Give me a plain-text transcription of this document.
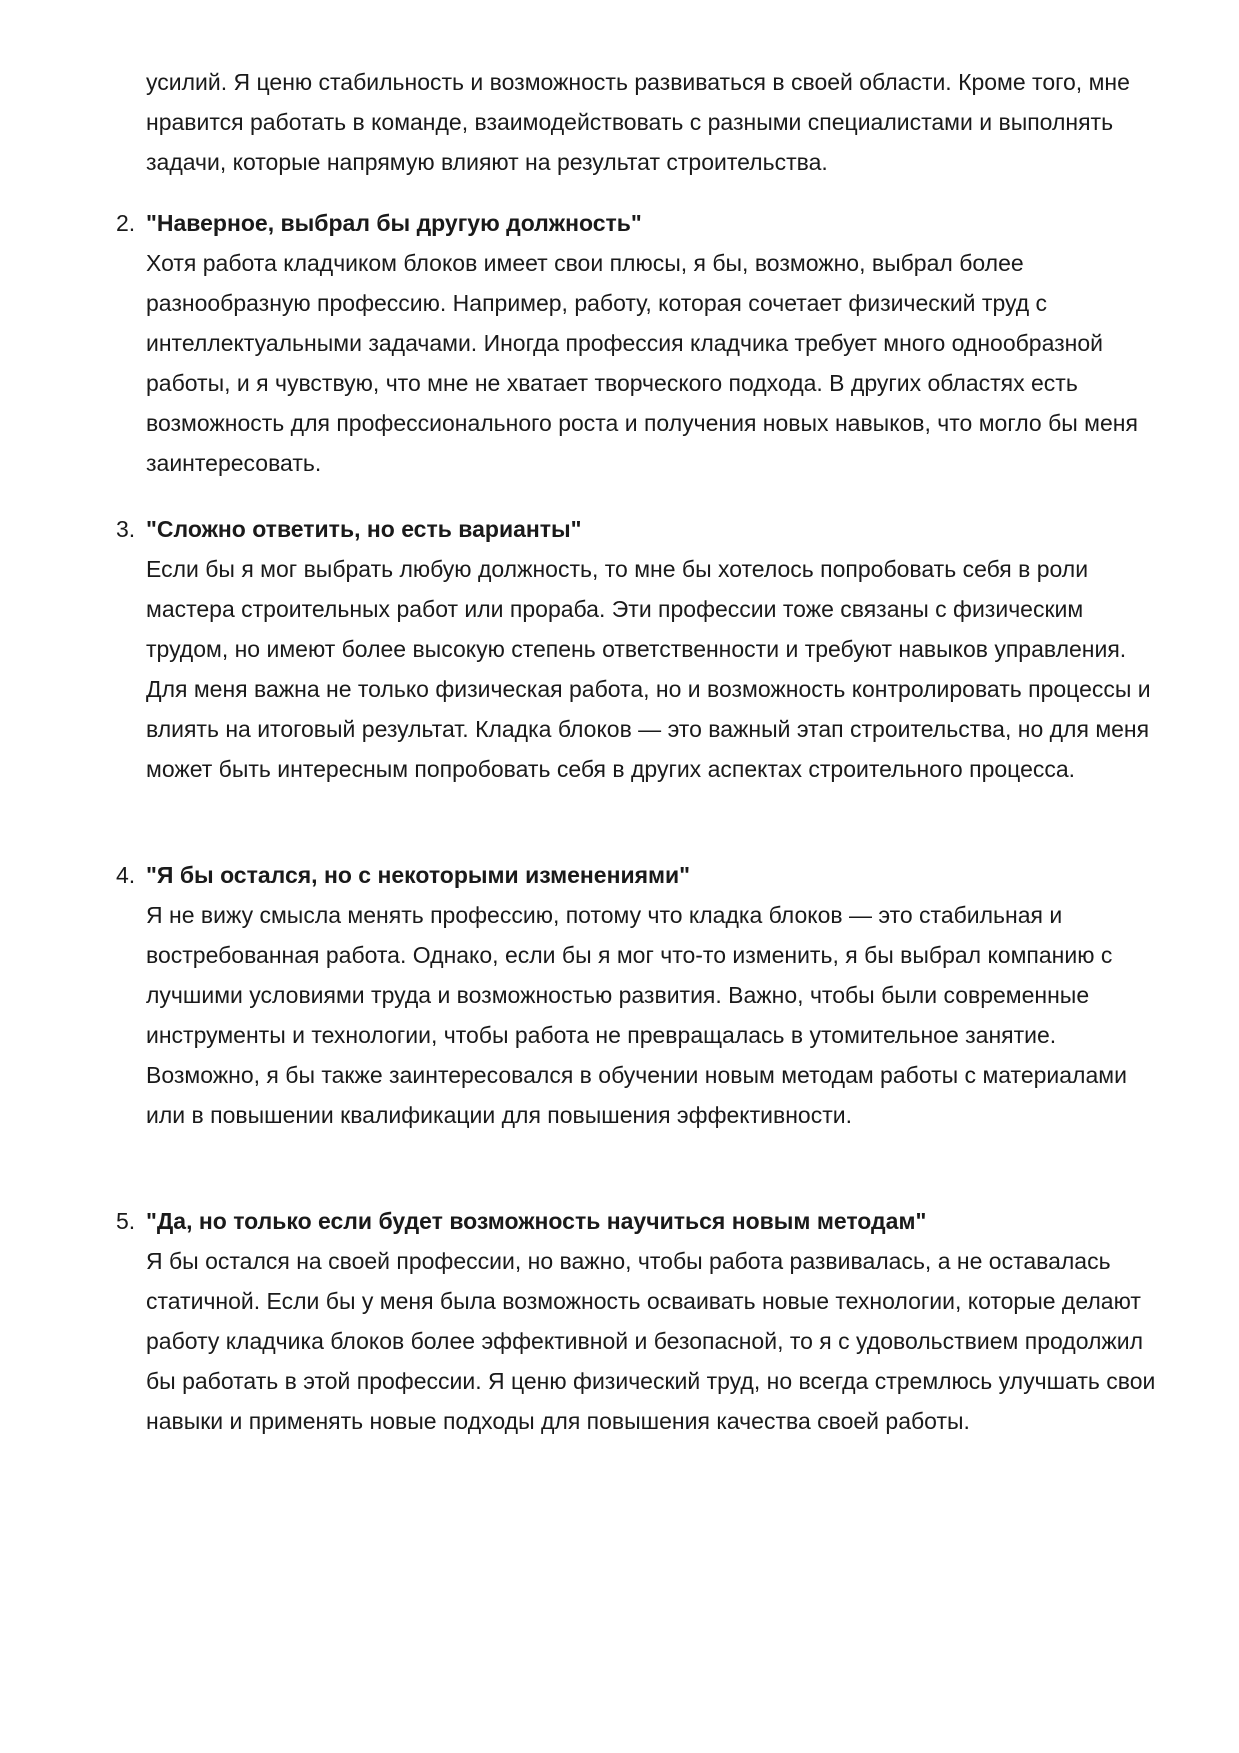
усилий. Я ценю стабильность и возможность развиваться в своей области. Кроме того, мне нравится работать в команде, взаимодействовать с разными специалистами и выполнять задачи, которые напрямую влияют на результат строительства.

2. "Наверное, выбрал бы другую должность"

Хотя работа кладчиком блоков имеет свои плюсы, я бы, возможно, выбрал более разнообразную профессию. Например, работу, которая сочетает физический труд с интеллектуальными задачами. Иногда профессия кладчика требует много однообразной работы, и я чувствую, что мне не хватает творческого подхода. В других областях есть возможность для профессионального роста и получения новых навыков, что могло бы меня заинтересовать.

3. "Сложно ответить, но есть варианты"

Если бы я мог выбрать любую должность, то мне бы хотелось попробовать себя в роли мастера строительных работ или прораба. Эти профессии тоже связаны с физическим трудом, но имеют более высокую степень ответственности и требуют навыков управления. Для меня важна не только физическая работа, но и возможность контролировать процессы и влиять на итоговый результат. Кладка блоков — это важный этап строительства, но для меня может быть интересным попробовать себя в других аспектах строительного процесса.

4. "Я бы остался, но с некоторыми изменениями"

Я не вижу смысла менять профессию, потому что кладка блоков — это стабильная и востребованная работа. Однако, если бы я мог что-то изменить, я бы выбрал компанию с лучшими условиями труда и возможностью развития. Важно, чтобы были современные инструменты и технологии, чтобы работа не превращалась в утомительное занятие. Возможно, я бы также заинтересовался в обучении новым методам работы с материалами или в повышении квалификации для повышения эффективности.

5. "Да, но только если будет возможность научиться новым методам"

Я бы остался на своей профессии, но важно, чтобы работа развивалась, а не оставалась статичной. Если бы у меня была возможность осваивать новые технологии, которые делают работу кладчика блоков более эффективной и безопасной, то я с удовольствием продолжил бы работать в этой профессии. Я ценю физический труд, но всегда стремлюсь улучшать свои навыки и применять новые подходы для повышения качества своей работы.
